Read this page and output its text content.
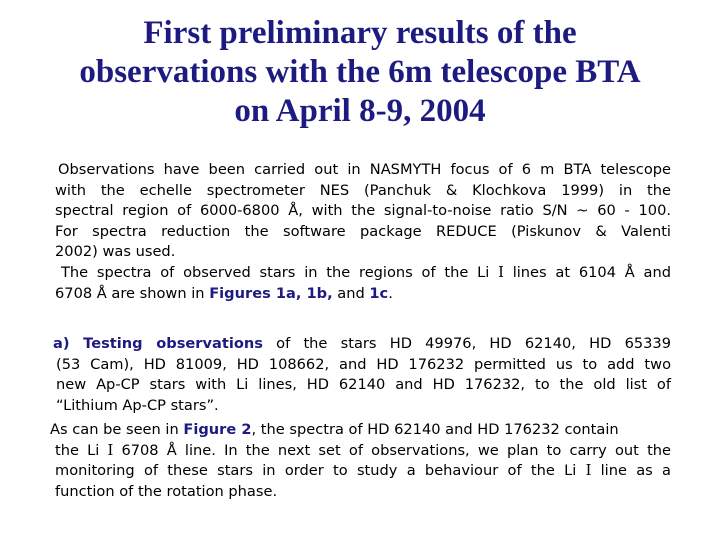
First preliminary results of the
observations with the 6m telescope BTA
on April 8-9, 2004
Observations have been carried out in NASMYTH focus of 6 m BTA telescope
with the echelle spectrometer NES (Panchuk & Klochkova 1999) in the
spectral region of 6000-6800 Å, with the signal-to-noise ratio S/N ~ 60 - 100.
For spectra reduction the software package REDUCE (Piskunov & Valenti
2002) was used.
The spectra of observed stars in the regions of the Li I lines at 6104 Å and
6708 Å are shown in Figures 1a, 1b, and 1c.
a) Testing observations of the stars HD 49976, HD 62140, HD 65339
(53 Cam), HD 81009, HD 108662, and HD 176232 permitted us to add two
new Ap-CP stars with Li lines, HD 62140 and HD 176232, to the old list of
“Lithium Ap-CP stars”.
As can be seen in Figure 2, the spectra of HD 62140 and HD 176232 contain
the Li I 6708 Å line. In the next set of observations, we plan to carry out the
monitoring of these stars in order to study a behaviour of the Li I line as a
function of the rotation phase.
